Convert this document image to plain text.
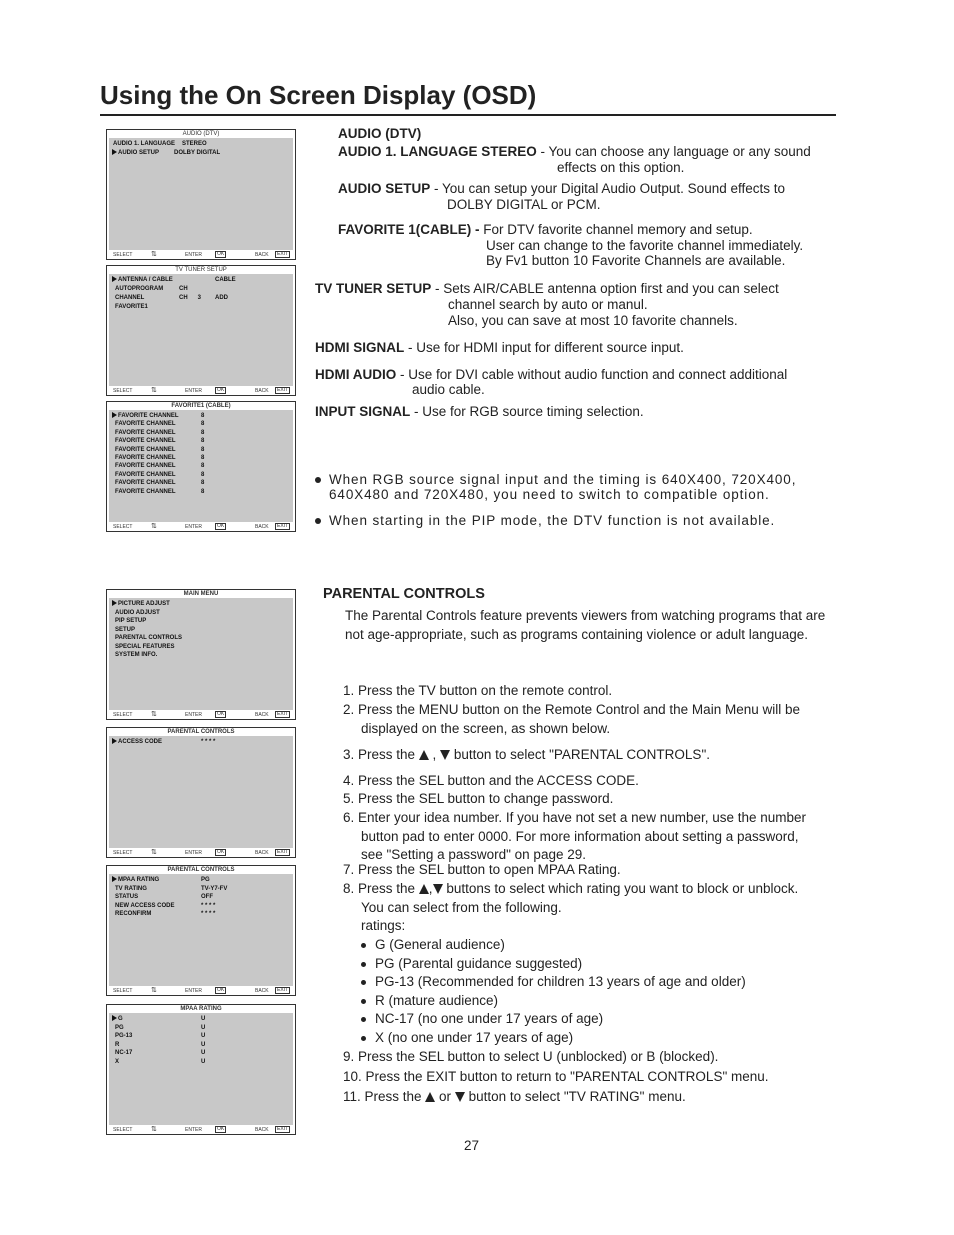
Using the On Screen Display (OSD)
AUDIO (DTV)
AUDIO 1. LANGUAGE STEREO
AUDIO SETUP DOLBY DIGITAL
SELECT	⇅	ENTER	OK	BACK	EXIT
TV TUNER SETUP
ANTENNA / CABLE	CABLE
AUTOPROGRAM	CH
CHANNEL	CH      3 ADD
FAVORITE1
SELECT	⇅	ENTER	OK	BACK	EXIT
FAVORITE1 (CABLE)
FAVORITE CHANNEL	8
FAVORITE CHANNEL	8
FAVORITE CHANNEL	8
FAVORITE CHANNEL	8
FAVORITE CHANNEL	8
FAVORITE CHANNEL	8
FAVORITE CHANNEL	8
FAVORITE CHANNEL	8
FAVORITE CHANNEL	8
FAVORITE CHANNEL	8
SELECT	⇅	ENTER	OK	BACK	EXIT
MAIN MENU
PICTURE ADJUST
AUDIO ADJUST
PIP SETUP
SETUP
PARENTAL CONTROLS
SPECIAL FEATURES
SYSTEM INFO.
SELECT	⇅	ENTER	OK	BACK	EXIT
PARENTAL CONTROLS
ACCESS CODE	* * * *
SELECT	⇅	ENTER	OK	BACK	EXIT
PARENTAL CONTROLS
MPAA RATING	PG
TV RATING	TV-Y7-FV
STATUS	OFF
NEW ACCESS CODE	* * * *
RECONFIRM	* * * *
SELECT	⇅	ENTER	OK	BACK	EXIT
MPAA RATING
G	U
PG	U
PG-13	U
R	U
NC-17	U
X	U
SELECT	⇅	ENTER	OK	BACK	EXIT
AUDIO (DTV)
AUDIO 1. LANGUAGE STEREO - You can choose any language or any sound
effects on this option.
AUDIO SETUP - You can setup your Digital Audio Output. Sound effects to
DOLBY DIGITAL or PCM.
FAVORITE 1(CABLE) - For DTV favorite channel memory and setup.
User can change to the favorite channel immediately.
By Fv1 button 10 Favorite Channels are available.
TV TUNER SETUP - Sets AIR/CABLE antenna option first and you can select
channel search by auto or manul.
Also, you can save at most 10 favorite channels.
HDMI SIGNAL - Use for HDMI input for different source input.
HDMI AUDIO - Use for DVI cable without audio function and connect additional
audio cable.
INPUT SIGNAL - Use for RGB source timing selection.
When RGB source signal input and the timing is 640X400, 720X400,
640X480 and 720X480, you need to switch to compatible option.
When starting in the PIP mode, the DTV function is not available.
PARENTAL CONTROLS
The Parental Controls feature prevents viewers from watching programs that are
not age-appropriate, such as programs containing violence or adult language.
1. Press the TV button on the remote control.
2. Press the MENU button on the Remote Control and the Main Menu will be
displayed on the screen, as shown below.
3. Press the  ,  button to select "PARENTAL CONTROLS".
4. Press the SEL button and the ACCESS CODE.
5. Press the SEL button to change password.
6. Enter your idea number. If you have not set a new number, use the number
button pad to enter 0000. For more information about setting a password,
see "Setting a password" on page 29.
7. Press the SEL button to open MPAA Rating.
8. Press the , buttons to select which rating you want to block or unblock.
You can select from the following.
ratings:
G (General audience)
PG (Parental guidance suggested)
PG-13 (Recommended for children 13 years of age and older)
R (mature audience)
NC-17 (no one under 17 years of age)
X (no one under 17 years of age)
9. Press the SEL button to select U (unblocked) or B (blocked).
10. Press the EXIT button to return to "PARENTAL CONTROLS" menu.
11. Press the  or  button to select "TV RATING" menu.
27
